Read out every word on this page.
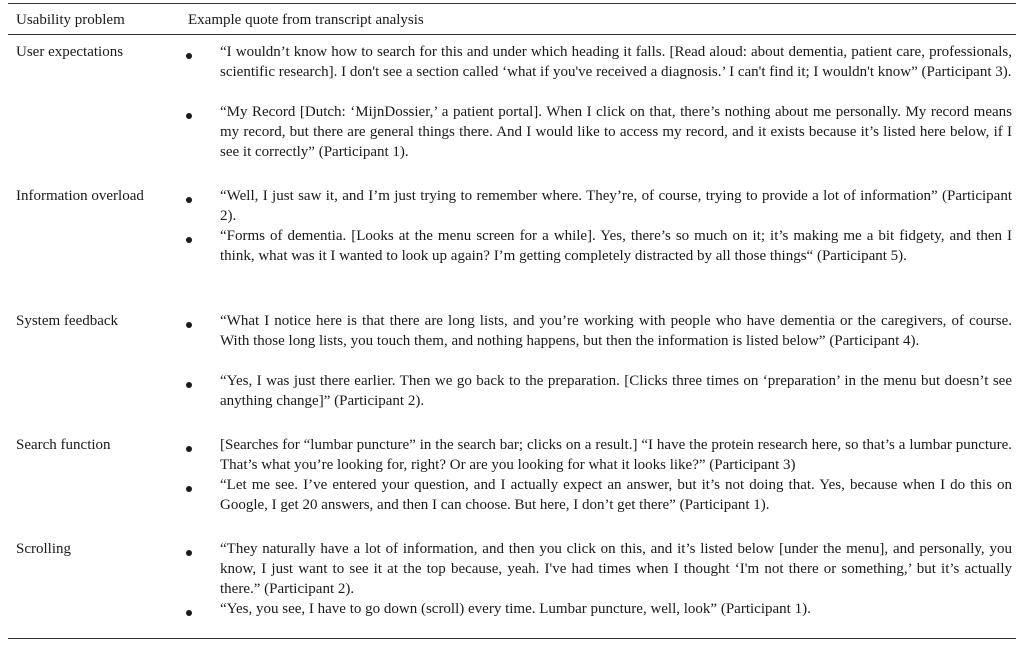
Usability problem	Example quote from transcript analysis
User expectations	“I wouldn’t know how to search for this and under which heading it falls. [Read aloud: about dementia, patient care, professionals, scientific research]. I don't see a section called ‘what if you've received a diagnosis.’ I can't find it; I wouldn't know” (Participant 3).
“My Record [Dutch: ‘MijnDossier,’ a patient portal]. When I click on that, there’s nothing about me personally. My record means my record, but there are general things there. And I would like to access my record, and it exists because it’s listed here below, if I see it correctly” (Participant 1).
Information overload	“Well, I just saw it, and I’m just trying to remember where. They’re, of course, trying to provide a lot of information” (Participant 2).
“Forms of dementia. [Looks at the menu screen for a while]. Yes, there’s so much on it; it’s making me a bit fidgety, and then I think, what was it I wanted to look up again? I’m getting completely distracted by all those things“ (Participant 5).
System feedback	“What I notice here is that there are long lists, and you’re working with people who have dementia or the caregivers, of course. With those long lists, you touch them, and nothing happens, but then the information is listed below” (Participant 4).
“Yes, I was just there earlier. Then we go back to the preparation. [Clicks three times on ‘preparation’ in the menu but doesn’t see anything change]” (Participant 2).
Search function	[Searches for “lumbar puncture” in the search bar; clicks on a result.] “I have the protein research here, so that’s a lumbar puncture. That’s what you’re looking for, right? Or are you looking for what it looks like?” (Participant 3)
“Let me see. I’ve entered your question, and I actually expect an answer, but it’s not doing that. Yes, because when I do this on Google, I get 20 answers, and then I can choose. But here, I don’t get there” (Participant 1).
Scrolling	“They naturally have a lot of information, and then you click on this, and it’s listed below [under the menu], and personally, you know, I just want to see it at the top because, yeah. I've had times when I thought ‘I'm not there or something,’ but it’s actually there.” (Participant 2).
“Yes, you see, I have to go down (scroll) every time. Lumbar puncture, well, look” (Participant 1).
